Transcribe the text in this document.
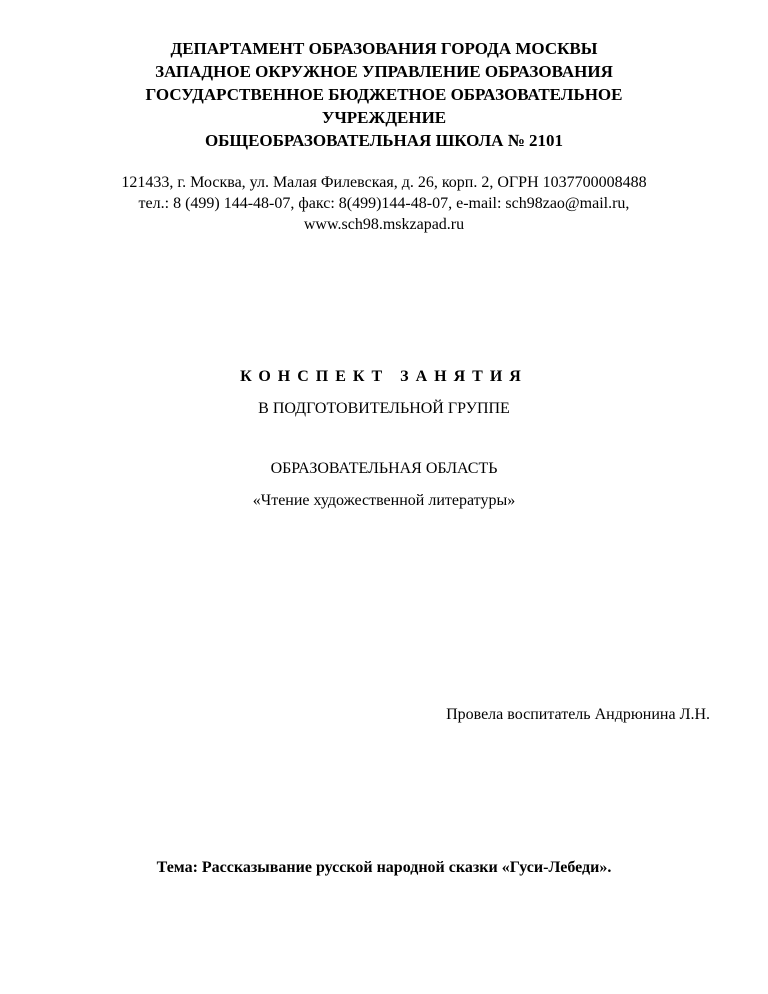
ДЕПАРТАМЕНТ ОБРАЗОВАНИЯ ГОРОДА МОСКВЫ
ЗАПАДНОЕ ОКРУЖНОЕ УПРАВЛЕНИЕ ОБРАЗОВАНИЯ
ГОСУДАРСТВЕННОЕ БЮДЖЕТНОЕ ОБРАЗОВАТЕЛЬНОЕ
УЧРЕЖДЕНИЕ
ОБЩЕОБРАЗОВАТЕЛЬНАЯ ШКОЛА № 2101
121433, г. Москва, ул. Малая Филевская, д. 26, корп. 2, ОГРН 1037700008488
тел.: 8 (499) 144-48-07, факс: 8(499)144-48-07, e-mail: sch98zao@mail.ru,
www.sch98.mskzapad.ru
КОНСПЕКТ ЗАНЯТИЯ
В ПОДГОТОВИТЕЛЬНОЙ ГРУППЕ
ОБРАЗОВАТЕЛЬНАЯ ОБЛАСТЬ
«Чтение художественной литературы»
Провела воспитатель Андрюнина Л.Н.
Тема: Рассказывание русской народной сказки «Гуси-Лебеди».
